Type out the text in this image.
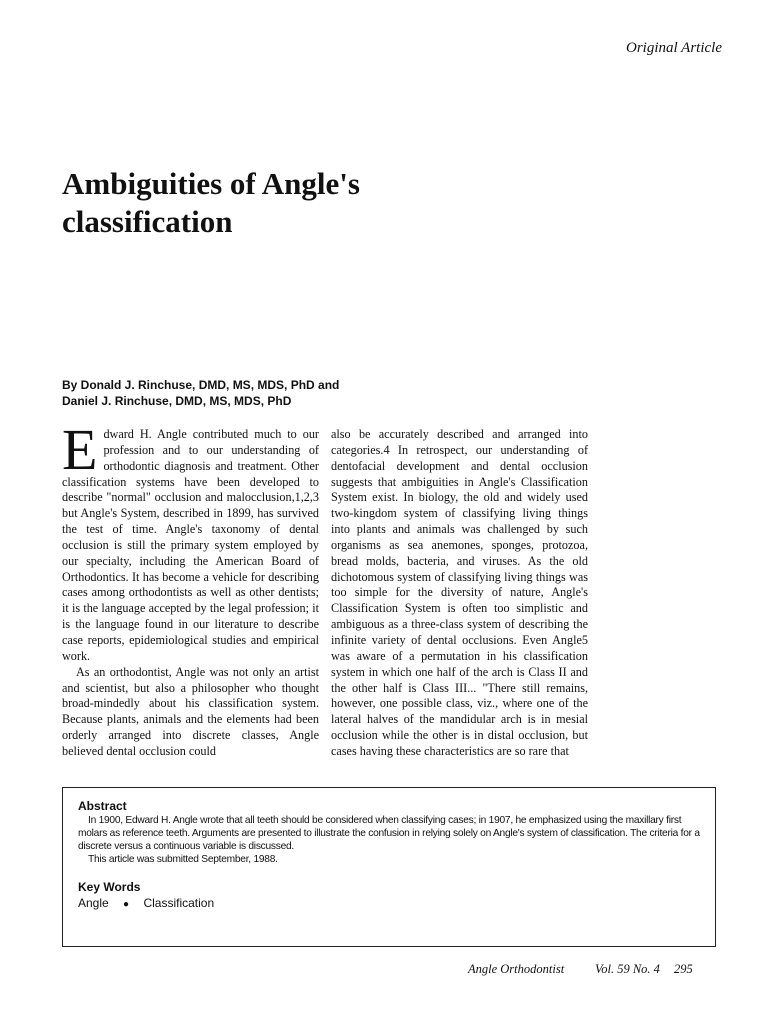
Original Article
Ambiguities of Angle's classification
By Donald J. Rinchuse, DMD, MS, MDS, PhD and
Daniel J. Rinchuse, DMD, MS, MDS, PhD
E dward H. Angle contributed much to our profession and to our understanding of orthodontic diagnosis and treatment. Other classification systems have been developed to describe "normal" occlusion and malocclusion,1,2,3 but Angle's System, described in 1899, has survived the test of time. Angle's taxonomy of dental occlusion is still the primary system employed by our specialty, including the American Board of Orthodontics. It has become a vehicle for describing cases among orthodontists as well as other dentists; it is the language accepted by the legal profession; it is the language found in our literature to describe case reports, epidemiological studies and empirical work.

As an orthodontist, Angle was not only an artist and scientist, but also a philosopher who thought broad-mindedly about his classification system. Because plants, animals and the elements had been orderly arranged into discrete classes, Angle believed dental occlusion could

also be accurately described and arranged into categories.4 In retrospect, our understanding of dentofacial development and dental occlusion suggests that ambiguities in Angle's Classification System exist. In biology, the old and widely used two-kingdom system of classifying living things into plants and animals was challenged by such organisms as sea anemones, sponges, protozoa, bread molds, bacteria, and viruses. As the old dichotomous system of classifying living things was too simple for the diversity of nature, Angle's Classification System is often too simplistic and ambiguous as a three-class system of describing the infinite variety of dental occlusions. Even Angle5 was aware of a permutation in his classification system in which one half of the arch is Class II and the other half is Class III... "There still remains, however, one possible class, viz., where one of the lateral halves of the mandidular arch is in mesial occlusion while the other is in distal occlusion, but cases having these characteristics are so rare that

Abstract

In 1900, Edward H. Angle wrote that all teeth should be considered when classifying cases; in 1907, he emphasized using the maxillary first molars as reference teeth. Arguments are presented to illustrate the confusion in relying solely on Angle's system of classification. The criteria for a discrete versus a continuous variable is discussed.

This article was submitted September, 1988.

Key Words
Angle ● Classification
Angle Orthodontist Vol. 59 No. 4 295
